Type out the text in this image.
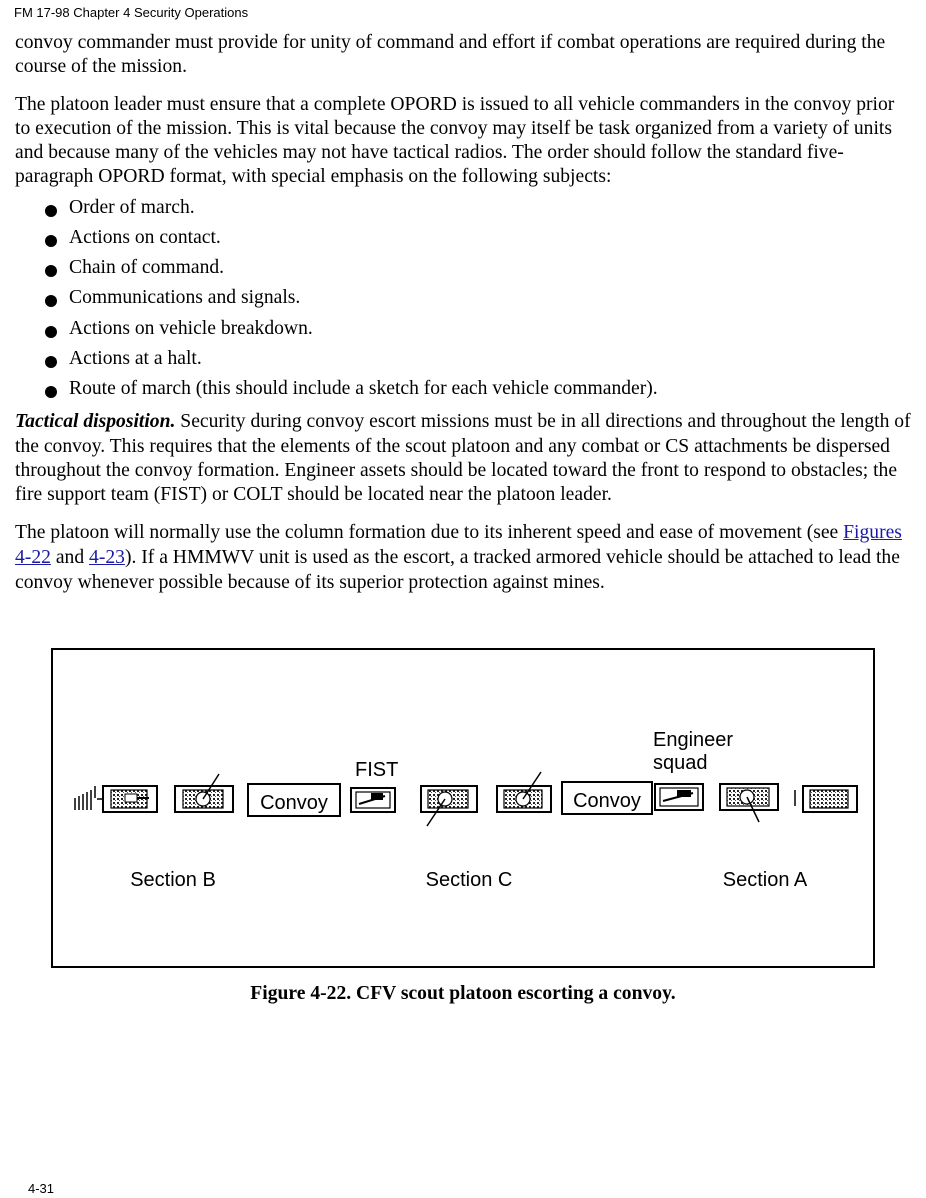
FM 17-98 Chapter 4 Security Operations

convoy commander must provide for unity of command and effort if combat operations are required during the course of the mission.

The platoon leader must ensure that a complete OPORD is issued to all vehicle commanders in the convoy prior to execution of the mission. This is vital because the convoy may itself be task organized from a variety of units and because many of the vehicles may not have tactical radios. The order should follow the standard five-paragraph OPORD format, with special emphasis on the following subjects:

Order of march.
Actions on contact.
Chain of command.
Communications and signals.
Actions on vehicle breakdown.
Actions at a halt.
Route of march (this should include a sketch for each vehicle commander).

Tactical disposition. Security during convoy escort missions must be in all directions and throughout the length of the convoy. This requires that the elements of the scout platoon and any combat or CS attachments be dispersed throughout the convoy formation. Engineer assets should be located toward the front to respond to obstacles; the fire support team (FIST) or COLT should be located near the platoon leader.

The platoon will normally use the column formation due to its inherent speed and ease of movement (see Figures 4-22 and 4-23). If a HMMWV unit is used as the escort, a tracked armored vehicle should be attached to lead the convoy whenever possible because of its superior protection against mines.

Convoy
FIST
Convoy
Engineer
squad
Section B	Section C	Section A
Figure 4-22. CFV scout platoon escorting a convoy.
4-31
